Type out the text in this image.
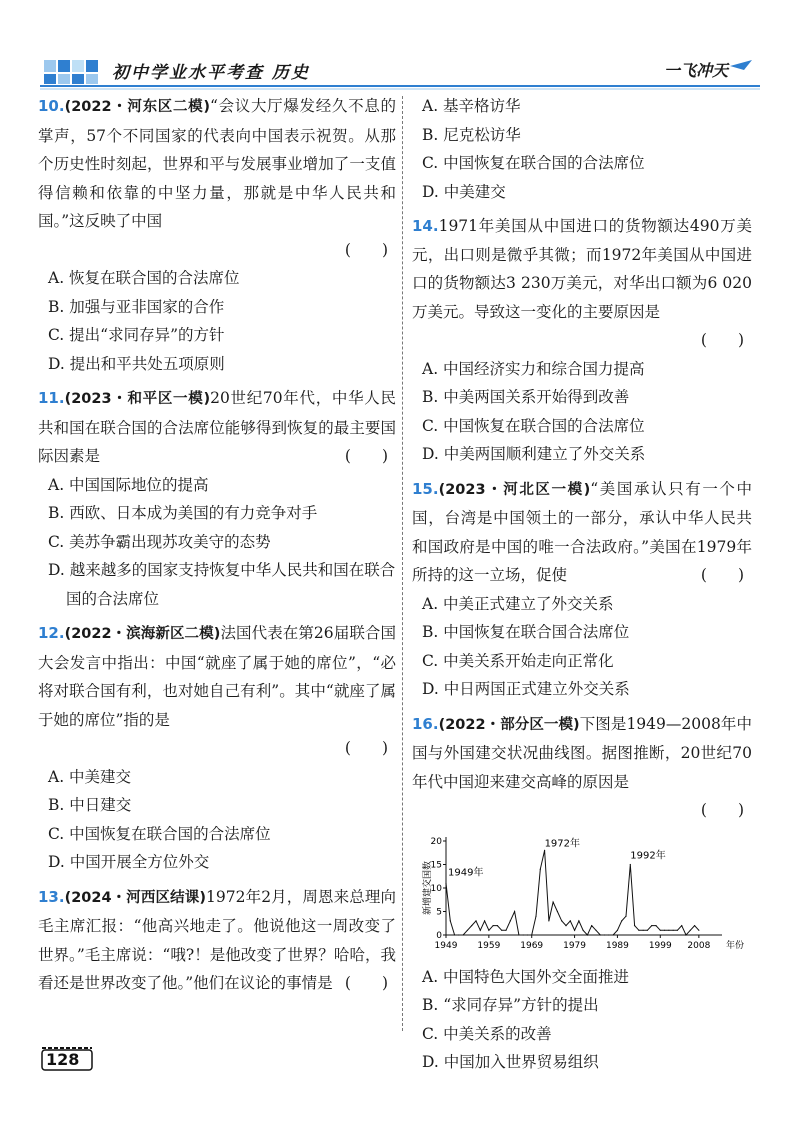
初中学业水平考查 历史	一飞冲天

10.(2022・河东区二模)“会议大厅爆发经久不息的掌声，57个不同国家的代表向中国表示祝贺。从那个历史性时刻起，世界和平与发展事业增加了一支值得信赖和依靠的中坚力量，那就是中华人民共和国。”这反映了中国

(　　)

A. 恢复在联合国的合法席位

B. 加强与亚非国家的合作

C. 提出“求同存异”的方针

D. 提出和平共处五项原则

11.(2023・和平区一模)20世纪70年代，中华人民共和国在联合国的合法席位能够得到恢复的最主要国际因素是	(　　)

A. 中国国际地位的提高

B. 西欧、日本成为美国的有力竞争对手

C. 美苏争霸出现苏攻美守的态势

D. 越来越多的国家支持恢复中华人民共和国在联合国的合法席位

12.(2022・滨海新区二模)法国代表在第26届联合国大会发言中指出：中国“就座了属于她的席位”，“必将对联合国有利，也对她自己有利”。其中“就座了属于她的席位”指的是

(　　)

A. 中美建交

B. 中日建交

C. 中国恢复在联合国的合法席位

D. 中国开展全方位外交

13.(2024・河西区结课)1972年2月，周恩来总理向毛主席汇报：“他高兴地走了。他说他这一周改变了世界。”毛主席说：“哦?！是他改变了世界？哈哈，我看还是世界改变了他。”他们在议论的事情是 (　　)

A. 基辛格访华

B. 尼克松访华

C. 中国恢复在联合国的合法席位

D. 中美建交

14.1971年美国从中国进口的货物额达490万美元，出口则是微乎其微；而1972年美国从中国进口的货物额达3 230万美元，对华出口额为6 020万美元。导致这一变化的主要原因是

(　　)

A. 中国经济实力和综合国力提高

B. 中美两国关系开始得到改善

C. 中国恢复在联合国的合法席位

D. 中美两国顺利建立了外交关系

15.(2023・河北区一模)“美国承认只有一个中国，台湾是中国领土的一部分，承认中华人民共和国政府是中国的唯一合法政府。”美国在1979年所持的这一立场，促使	(　　)

A. 中美正式建立了外交关系

B. 中国恢复在联合国合法席位

C. 中美关系开始走向正常化

D. 中日两国正式建立外交关系

16.(2022・部分区一模)下图是1949—2008年中国与外国建交状况曲线图。据图推断，20世纪70年代中国迎来建交高峰的原因是

(　　)
0
5
10
15
20
1949 1959 1969 1979 1989 1999 2008 年份
新增建交国数 1949年
1972年
1992年

A. 中国特色大国外交全面推进

B. “求同存异”方针的提出

C. 中美关系的改善

D. 中国加入世界贸易组织

128
